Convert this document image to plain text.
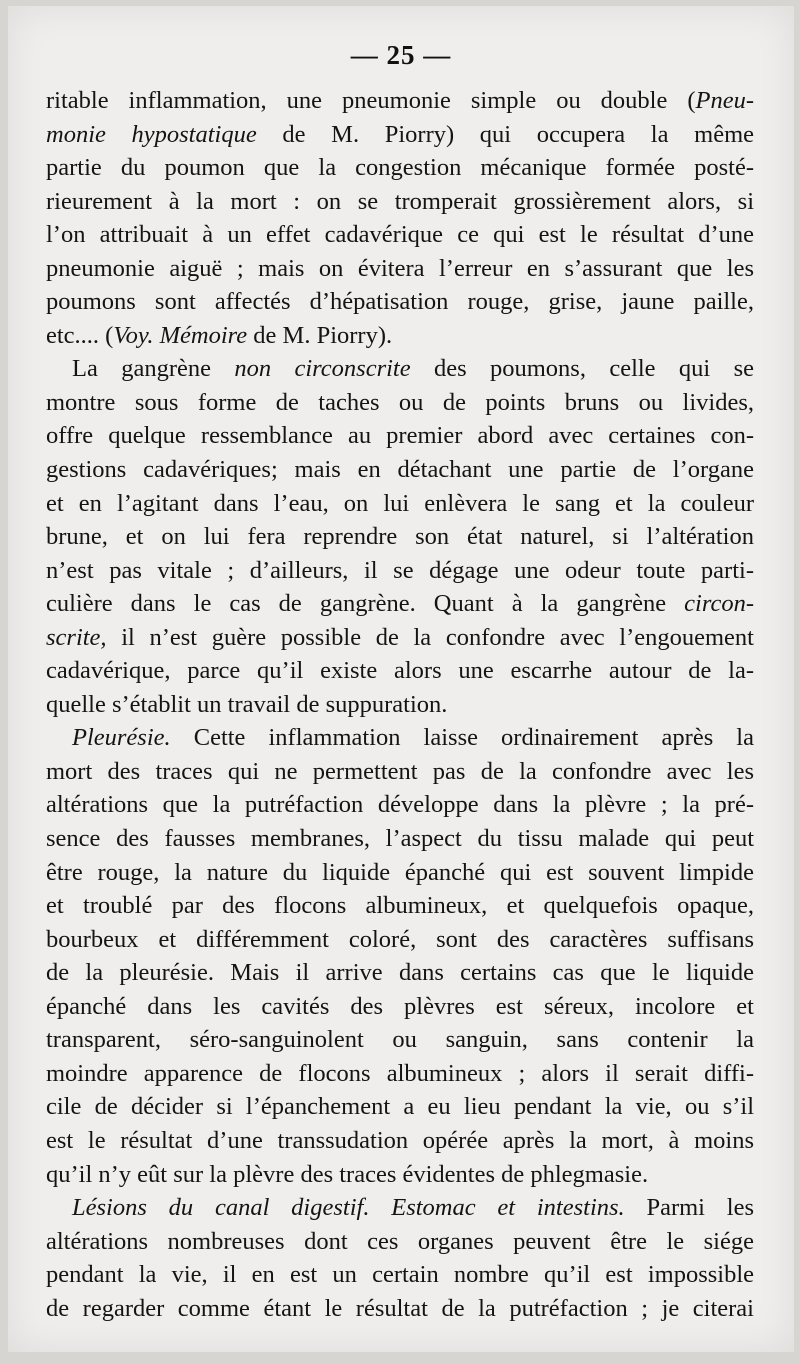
— 25 —
ritable inflammation, une pneumonie simple ou double (Pneu-
monie hypostatique de M. Piorry) qui occupera la même
partie du poumon que la congestion mécanique formée posté-
rieurement à la mort : on se tromperait grossièrement alors, si
l’on attribuait à un effet cadavérique ce qui est le résultat d’une
pneumonie aiguë ; mais on évitera l’erreur en s’assurant que les
poumons sont affectés d’hépatisation rouge, grise, jaune paille,
etc.... (Voy. Mémoire de M. Piorry).
La gangrène non circonscrite des poumons, celle qui se
montre sous forme de taches ou de points bruns ou livides,
offre quelque ressemblance au premier abord avec certaines con-
gestions cadavériques; mais en détachant une partie de l’organe
et en l’agitant dans l’eau, on lui enlèvera le sang et la couleur
brune, et on lui fera reprendre son état naturel, si l’altération
n’est pas vitale ; d’ailleurs, il se dégage une odeur toute parti-
culière dans le cas de gangrène. Quant à la gangrène circon-
scrite, il n’est guère possible de la confondre avec l’engouement
cadavérique, parce qu’il existe alors une escarrhe autour de la-
quelle s’établit un travail de suppuration.
Pleurésie. Cette inflammation laisse ordinairement après la
mort des traces qui ne permettent pas de la confondre avec les
altérations que la putréfaction développe dans la plèvre ; la pré-
sence des fausses membranes, l’aspect du tissu malade qui peut
être rouge, la nature du liquide épanché qui est souvent limpide
et troublé par des flocons albumineux, et quelquefois opaque,
bourbeux et différemment coloré, sont des caractères suffisans
de la pleurésie. Mais il arrive dans certains cas que le liquide
épanché dans les cavités des plèvres est séreux, incolore et
transparent, séro-sanguinolent ou sanguin, sans contenir la
moindre apparence de flocons albumineux ; alors il serait diffi-
cile de décider si l’épanchement a eu lieu pendant la vie, ou s’il
est le résultat d’une transsudation opérée après la mort, à moins
qu’il n’y eût sur la plèvre des traces évidentes de phlegmasie.
Lésions du canal digestif. Estomac et intestins. Parmi les
altérations nombreuses dont ces organes peuvent être le siége
pendant la vie, il en est un certain nombre qu’il est impossible
de regarder comme étant le résultat de la putréfaction ; je citerai
